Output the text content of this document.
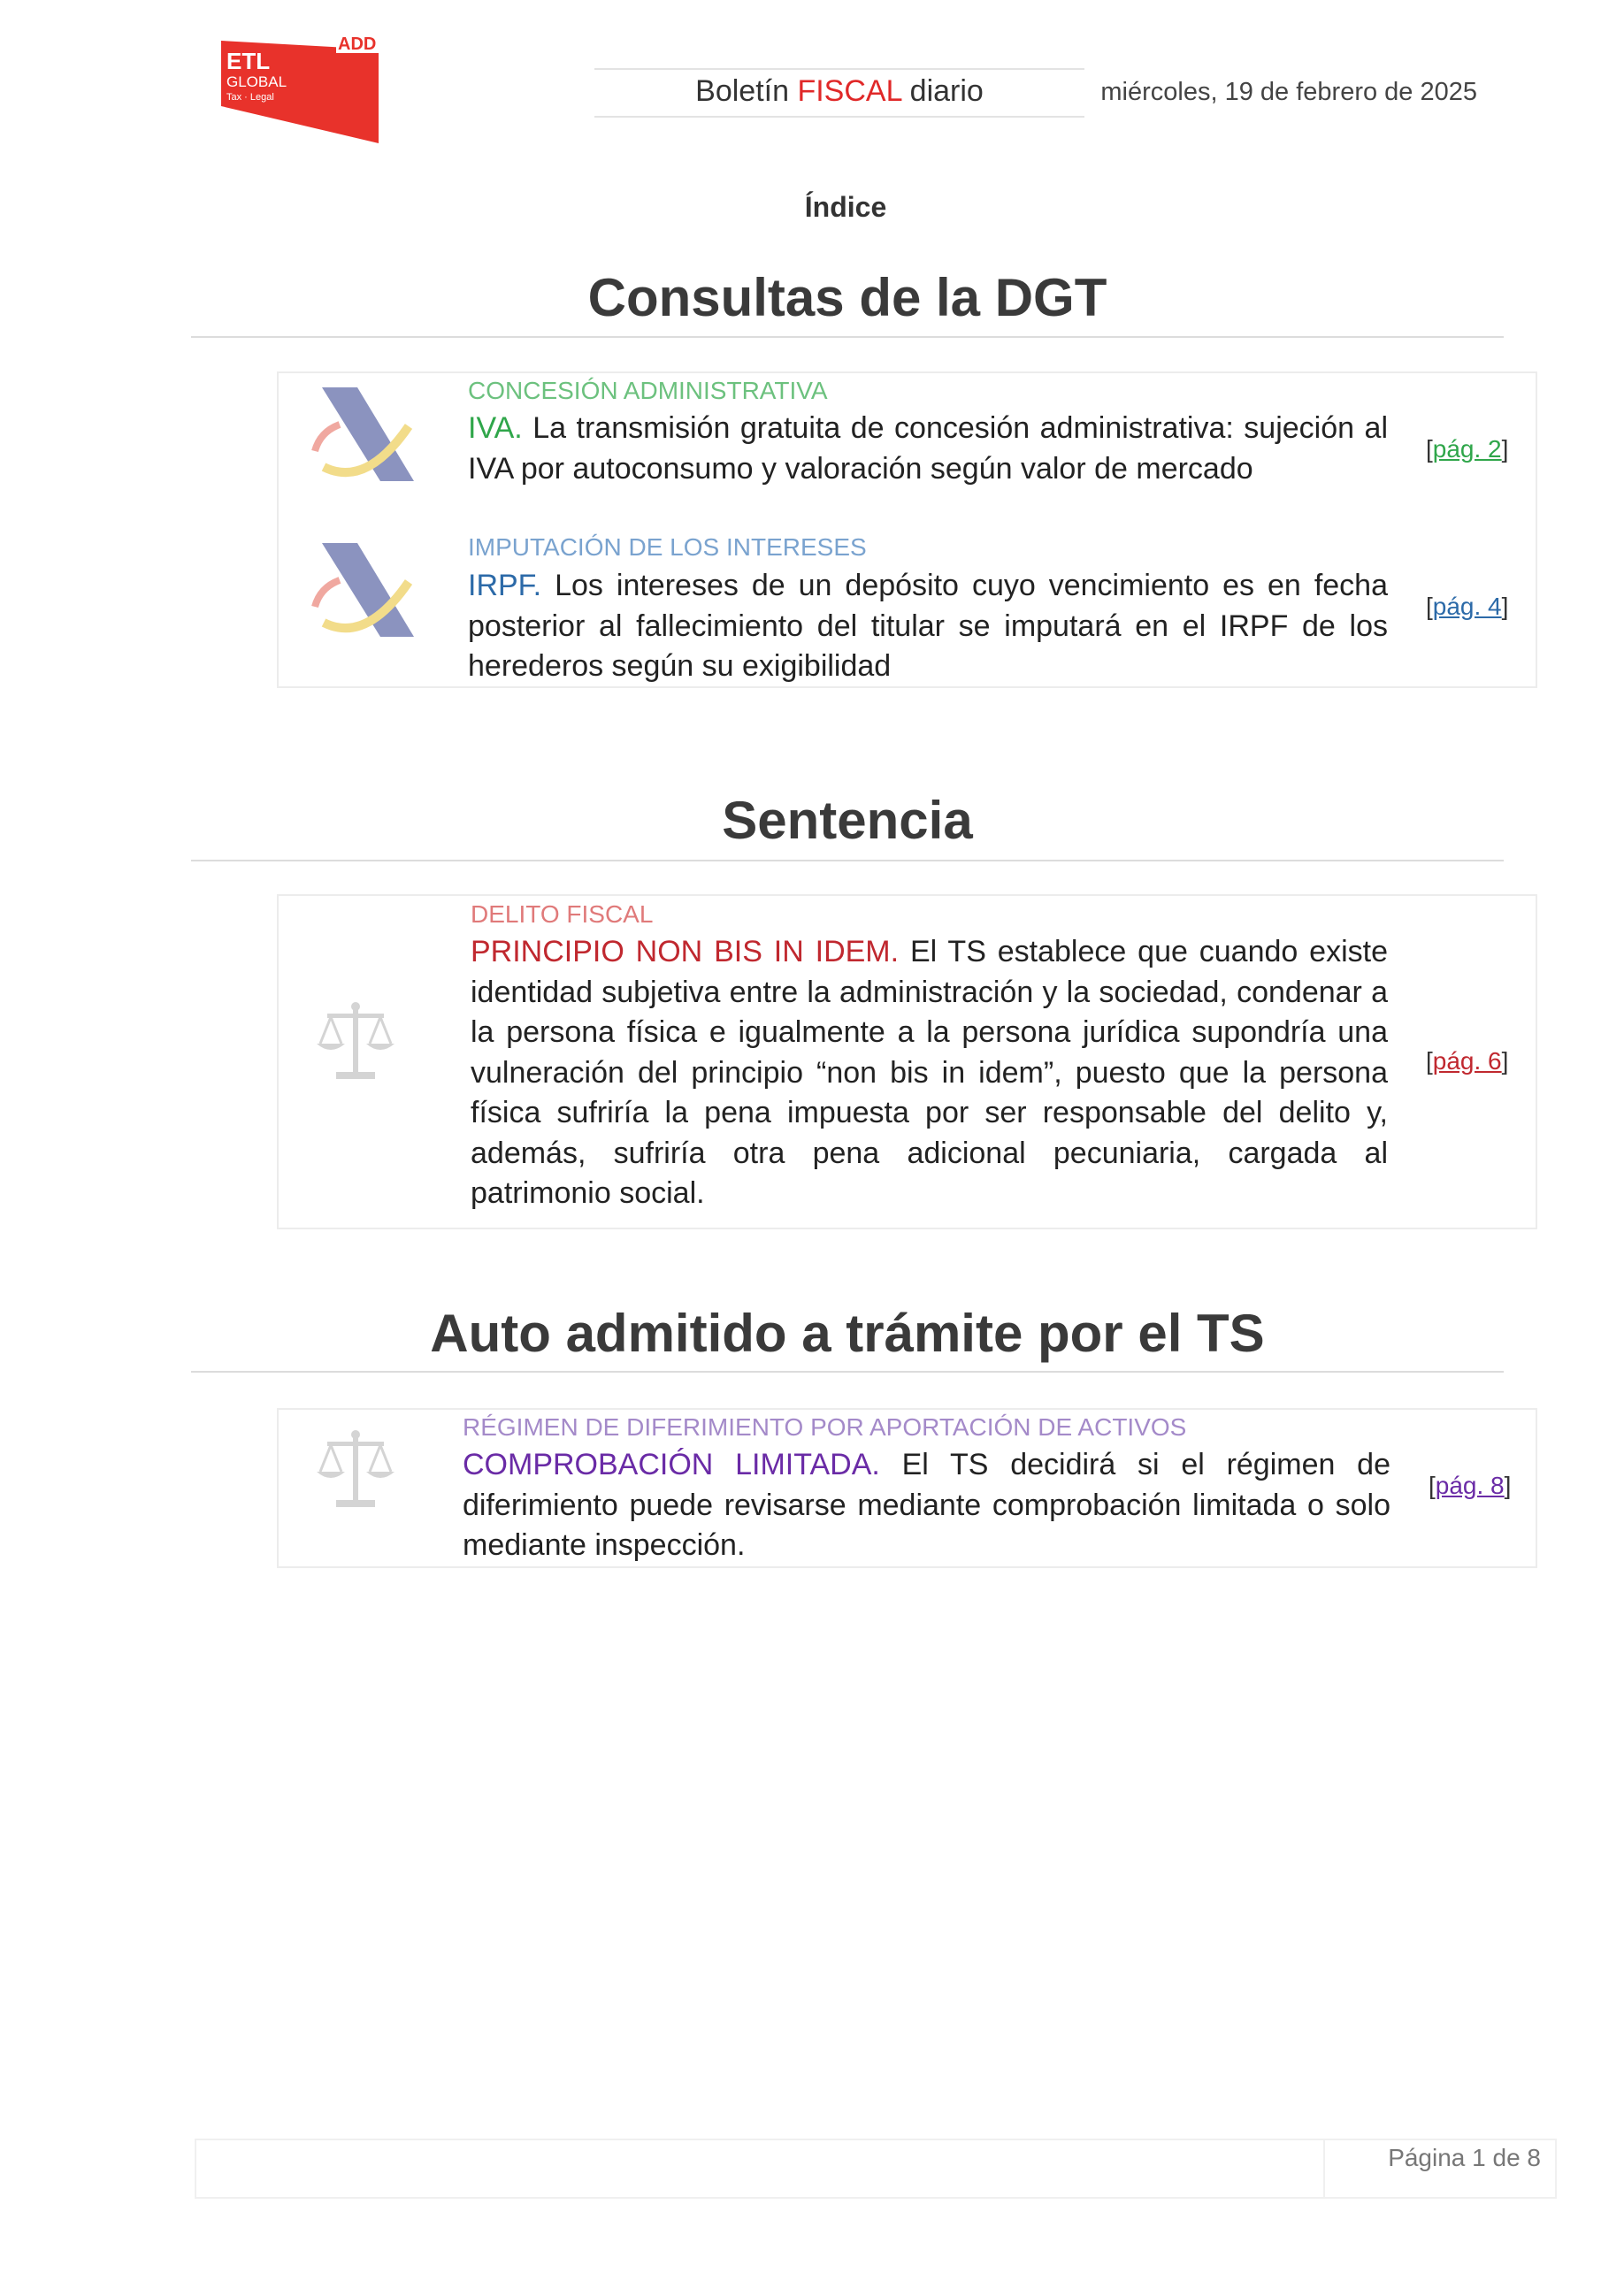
ADD
ETL
GLOBAL
Tax · Legal	Boletín FISCAL diario	miércoles, 19 de febrero de 2025
Índice
Consultas de la DGT
CONCESIÓN ADMINISTRATIVA
IVA. La transmisión gratuita de concesión administrativa: sujeción al IVA por autoconsumo y valoración según valor de mercado
[pág. 2]
IMPUTACIÓN DE LOS INTERESES
IRPF. Los intereses de un depósito cuyo vencimiento es en fecha posterior al fallecimiento del titular se imputará en el IRPF de los herederos según su exigibilidad
[pág. 4]
Sentencia
DELITO FISCAL
PRINCIPIO NON BIS IN IDEM. El TS establece que cuando existe identidad subjetiva entre la administración y la sociedad, condenar a la persona física e igualmente a la persona jurídica supondría una vulneración del principio “non bis in idem”, puesto que la persona física sufriría la pena impuesta por ser responsable del delito y, además, sufriría otra pena adicional pecuniaria, cargada al patrimonio social.
[pág. 6]
Auto admitido a trámite por el TS
RÉGIMEN DE DIFERIMIENTO POR APORTACIÓN DE ACTIVOS
COMPROBACIÓN LIMITADA. El TS decidirá si el régimen de diferimiento puede revisarse mediante comprobación limitada o solo mediante inspección.
[pág. 8]
Página 1 de 8
